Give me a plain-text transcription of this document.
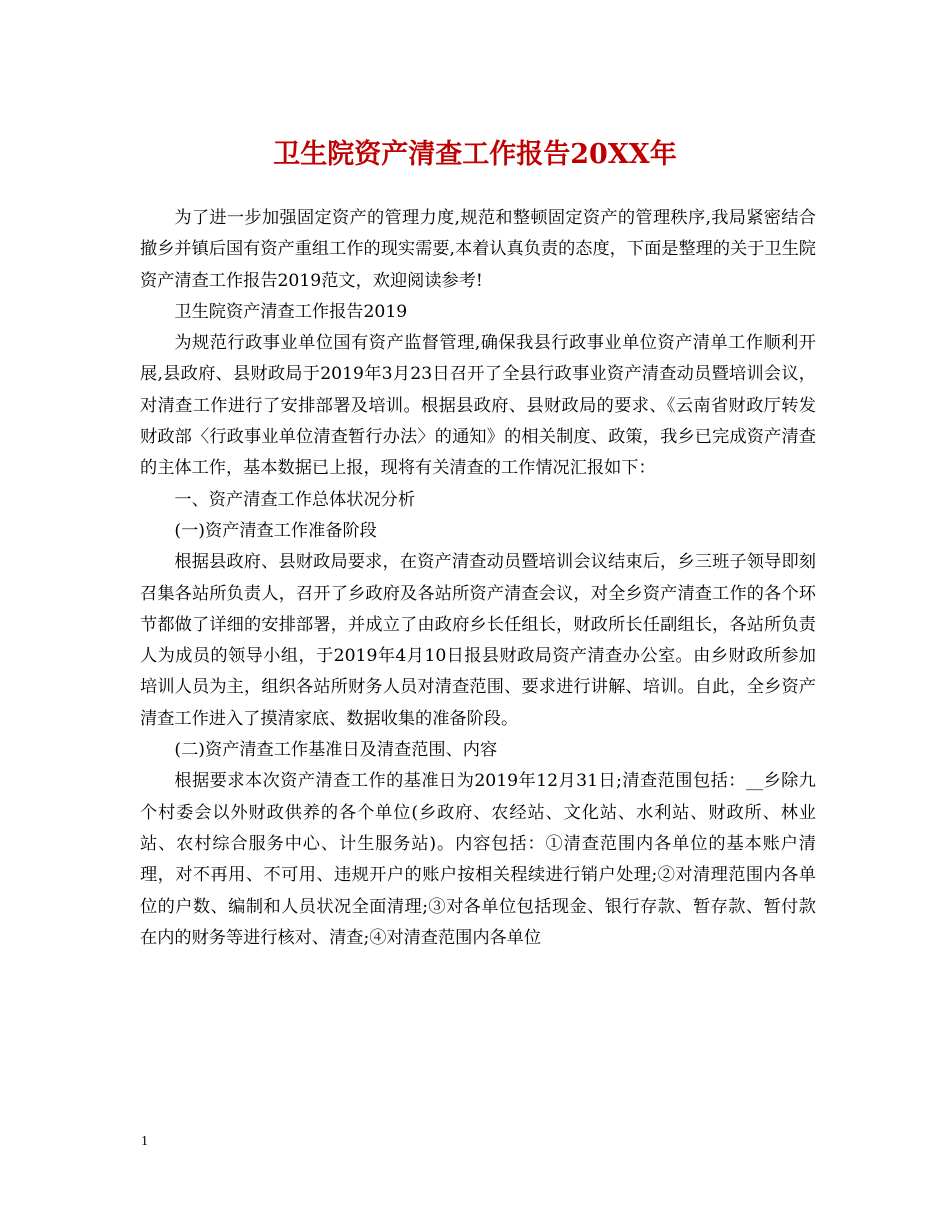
卫生院资产清查工作报告20XX年

为了进一步加强固定资产的管理力度,规范和整顿固定资产的管理秩序,我局紧密结合撤乡并镇后国有资产重组工作的现实需要,本着认真负责的态度，下面是整理的关于卫生院资产清查工作报告2019范文，欢迎阅读参考!

卫生院资产清查工作报告2019

为规范行政事业单位国有资产监督管理,确保我县行政事业单位资产清单工作顺利开展,县政府、县财政局于2019年3月23日召开了全县行政事业资产清查动员暨培训会议，对清查工作进行了安排部署及培训。根据县政府、县财政局的要求、《云南省财政厅转发财政部〈行政事业单位清查暂行办法〉的通知》的相关制度、政策，我乡已完成资产清查的主体工作，基本数据已上报，现将有关清查的工作情况汇报如下：

一、资产清查工作总体状况分析

(一)资产清查工作准备阶段

根据县政府、县财政局要求，在资产清查动员暨培训会议结束后，乡三班子领导即刻召集各站所负责人，召开了乡政府及各站所资产清查会议，对全乡资产清查工作的各个环节都做了详细的安排部署，并成立了由政府乡长任组长，财政所长任副组长，各站所负责人为成员的领导小组，于2019年4月10日报县财政局资产清查办公室。由乡财政所参加培训人员为主，组织各站所财务人员对清查范围、要求进行讲解、培训。自此，全乡资产清查工作进入了摸清家底、数据收集的准备阶段。

(二)资产清查工作基准日及清查范围、内容

根据要求本次资产清查工作的基准日为2019年12月31日;清查范围包括：__乡除九个村委会以外财政供养的各个单位(乡政府、农经站、文化站、水利站、财政所、林业站、农村综合服务中心、计生服务站)。内容包括：①清查范围内各单位的基本账户清理，对不再用、不可用、违规开户的账户按相关程续进行销户处理;②对清理范围内各单位的户数、编制和人员状况全面清理;③对各单位包括现金、银行存款、暂存款、暂付款在内的财务等进行核对、清查;④对清查范围内各单位

1
